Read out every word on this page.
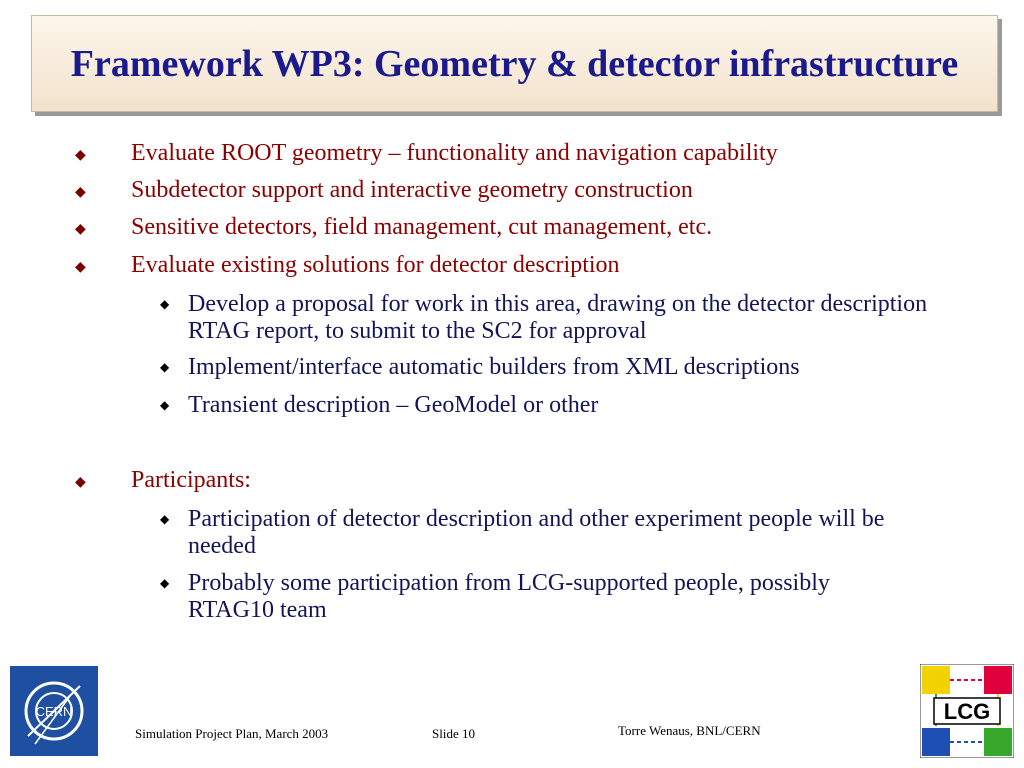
Framework WP3: Geometry & detector infrastructure
◆	Evaluate ROOT geometry – functionality and navigation capability
◆	Subdetector support and interactive geometry construction
◆	Sensitive detectors, field management, cut management, etc.
◆	Evaluate existing solutions for detector description
◆ Develop a proposal for work in this area, drawing on the detector description RTAG report, to submit to the SC2 for approval
◆ Implement/interface automatic builders from XML descriptions
◆ Transient description – GeoModel or other
◆	Participants:
◆ Participation of detector description and other experiment people will be needed
◆ Probably some participation from LCG-supported people, possibly RTAG10 team
CERN
Simulation Project Plan, March 2003	Slide 10	Torre Wenaus, BNL/CERN
LCG
